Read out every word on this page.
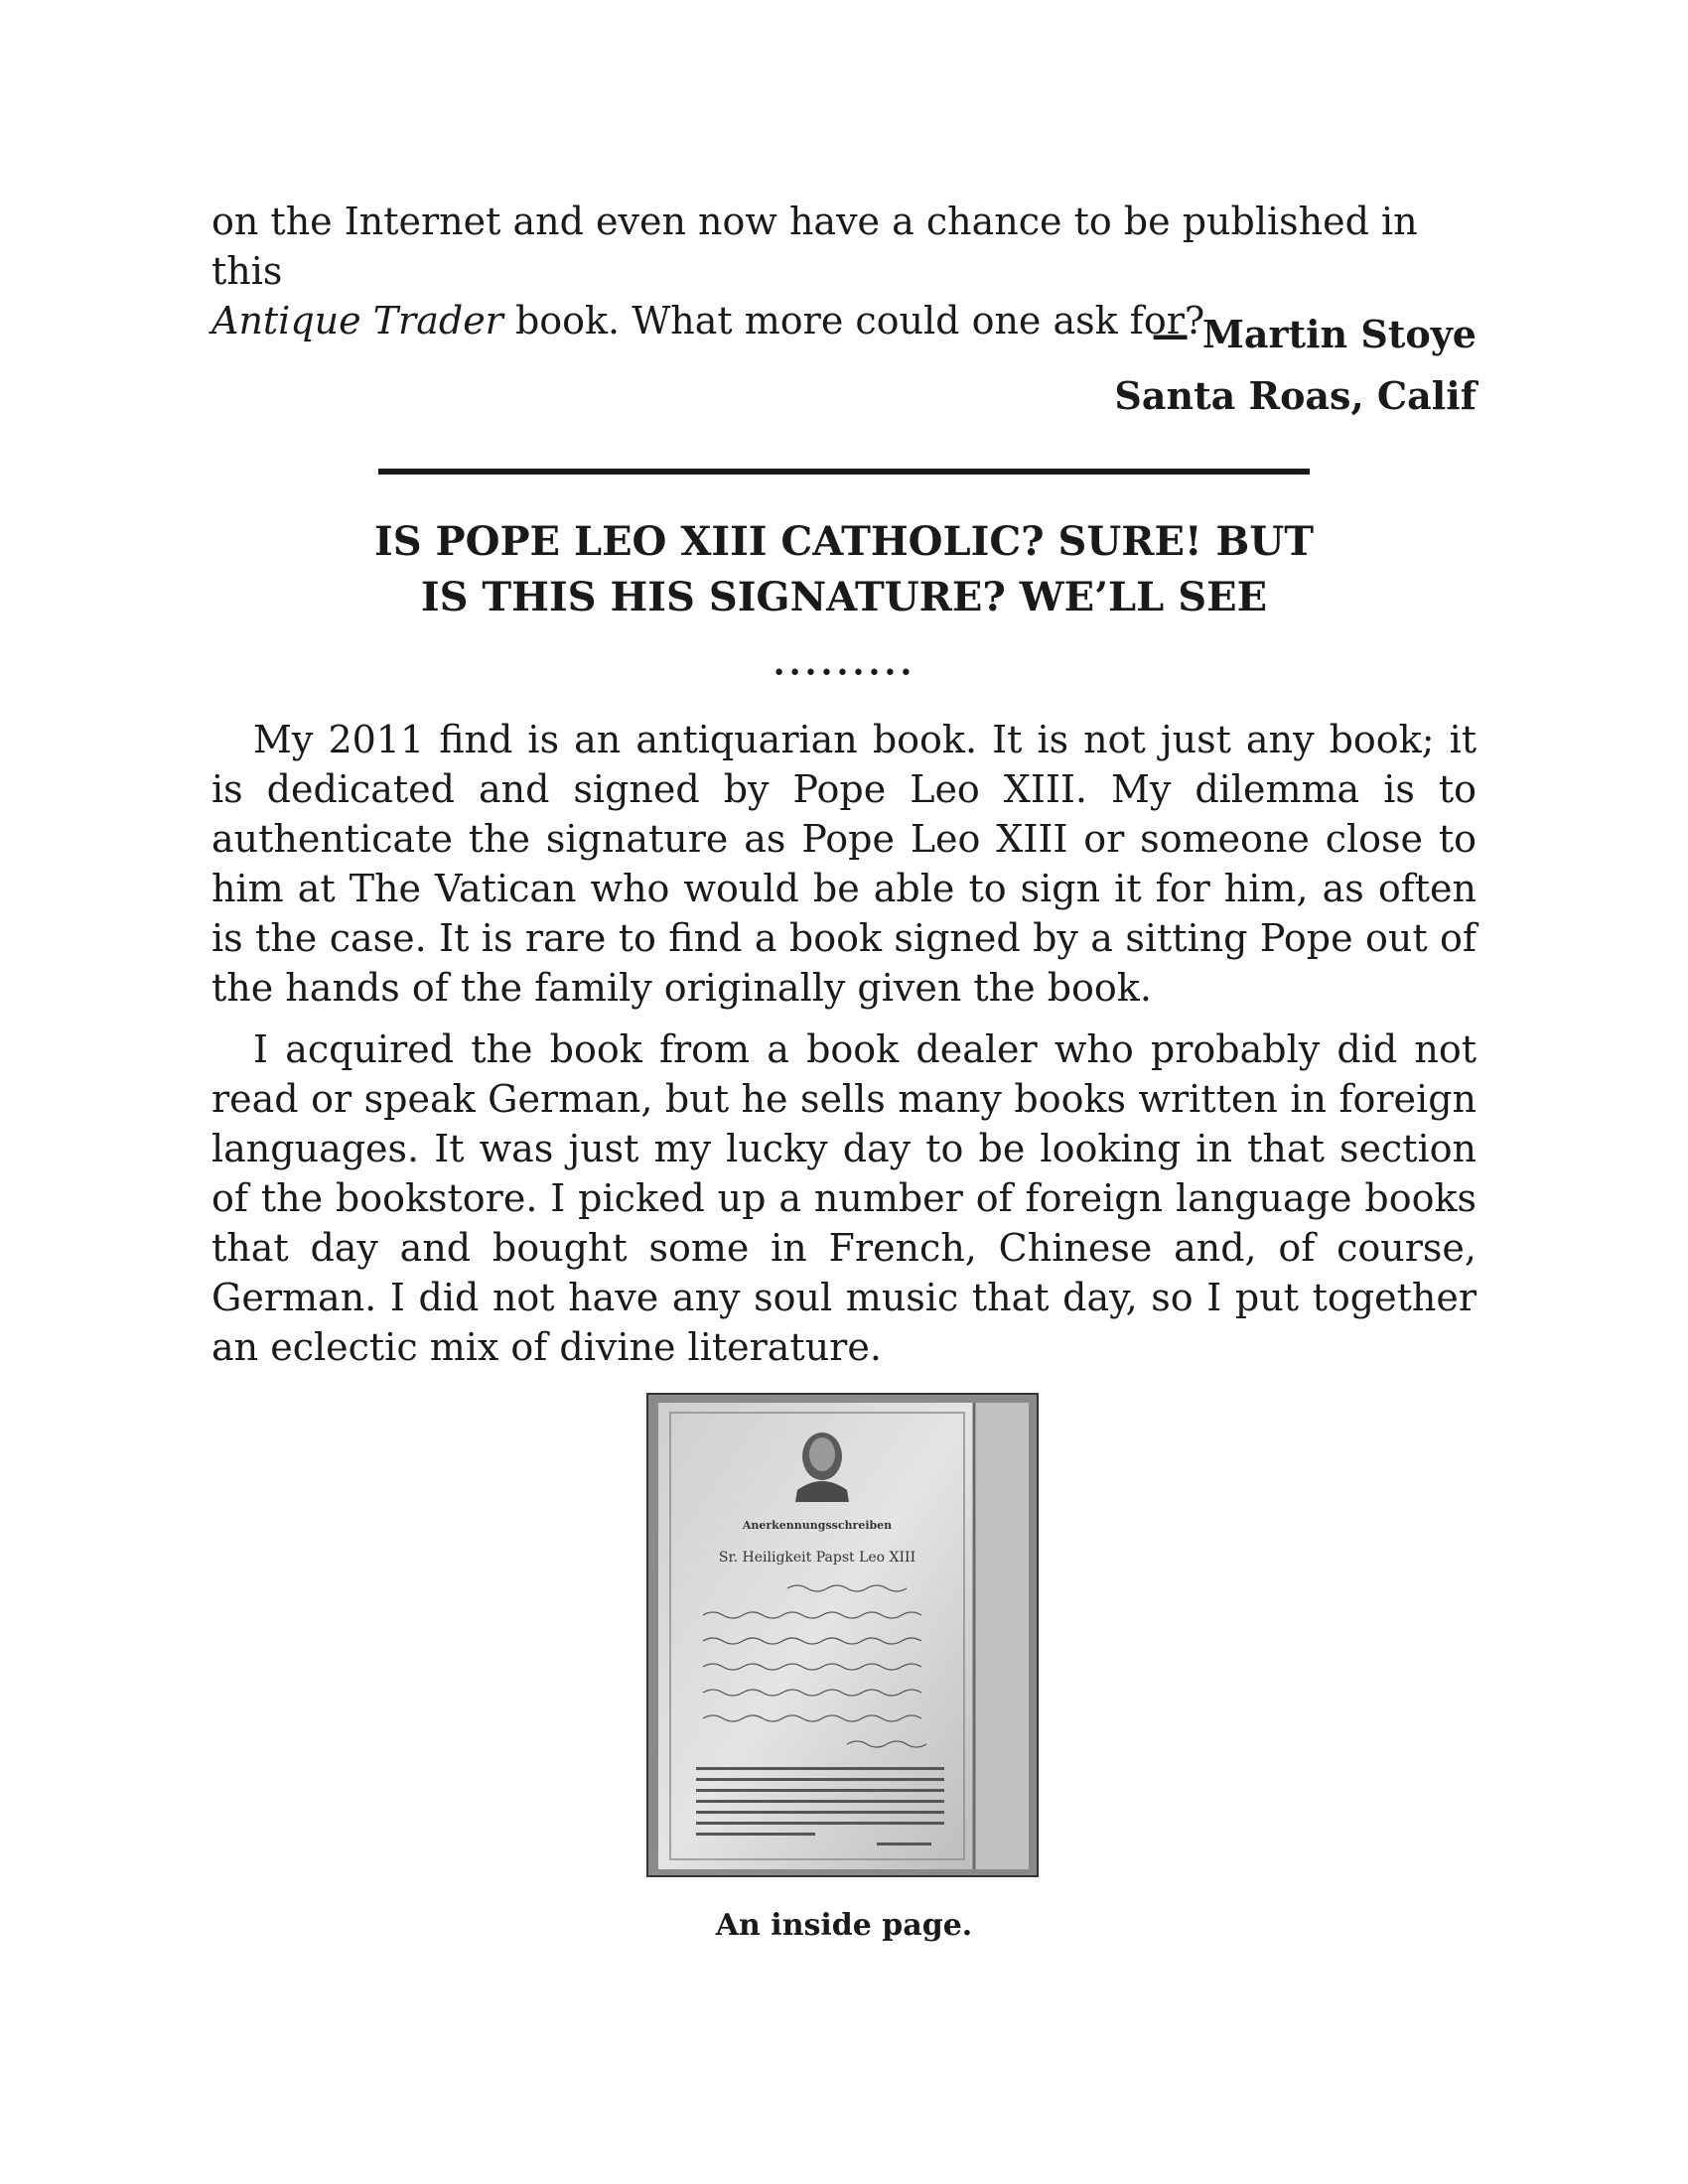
on the Internet and even now have a chance to be published in this

Antique Trader book. What more could one ask for?

— Martin Stoye
Santa Roas, Calif
IS POPE LEO XIII CATHOLIC? SURE! BUT
IS THIS HIS SIGNATURE? WE’LL SEE
•••••••••

My 2011 find is an antiquarian book. It is not just any book; it is dedicated and signed by Pope Leo XIII. My dilemma is to authenticate the signature as Pope Leo XIII or someone close to him at The Vatican who would be able to sign it for him, as often is the case. It is rare to find a book signed by a sitting Pope out of the hands of the family originally given the book.

I acquired the book from a book dealer who probably did not read or speak German, but he sells many books written in foreign languages. It was just my lucky day to be looking in that section of the bookstore. I picked up a number of foreign language books that day and bought some in French, Chinese and, of course, German. I did not have any soul music that day, so I put together an eclectic mix of divine literature.

Anerkennungsschreiben
Sr. Heiligkeit Papst Leo XIII
An inside page.
